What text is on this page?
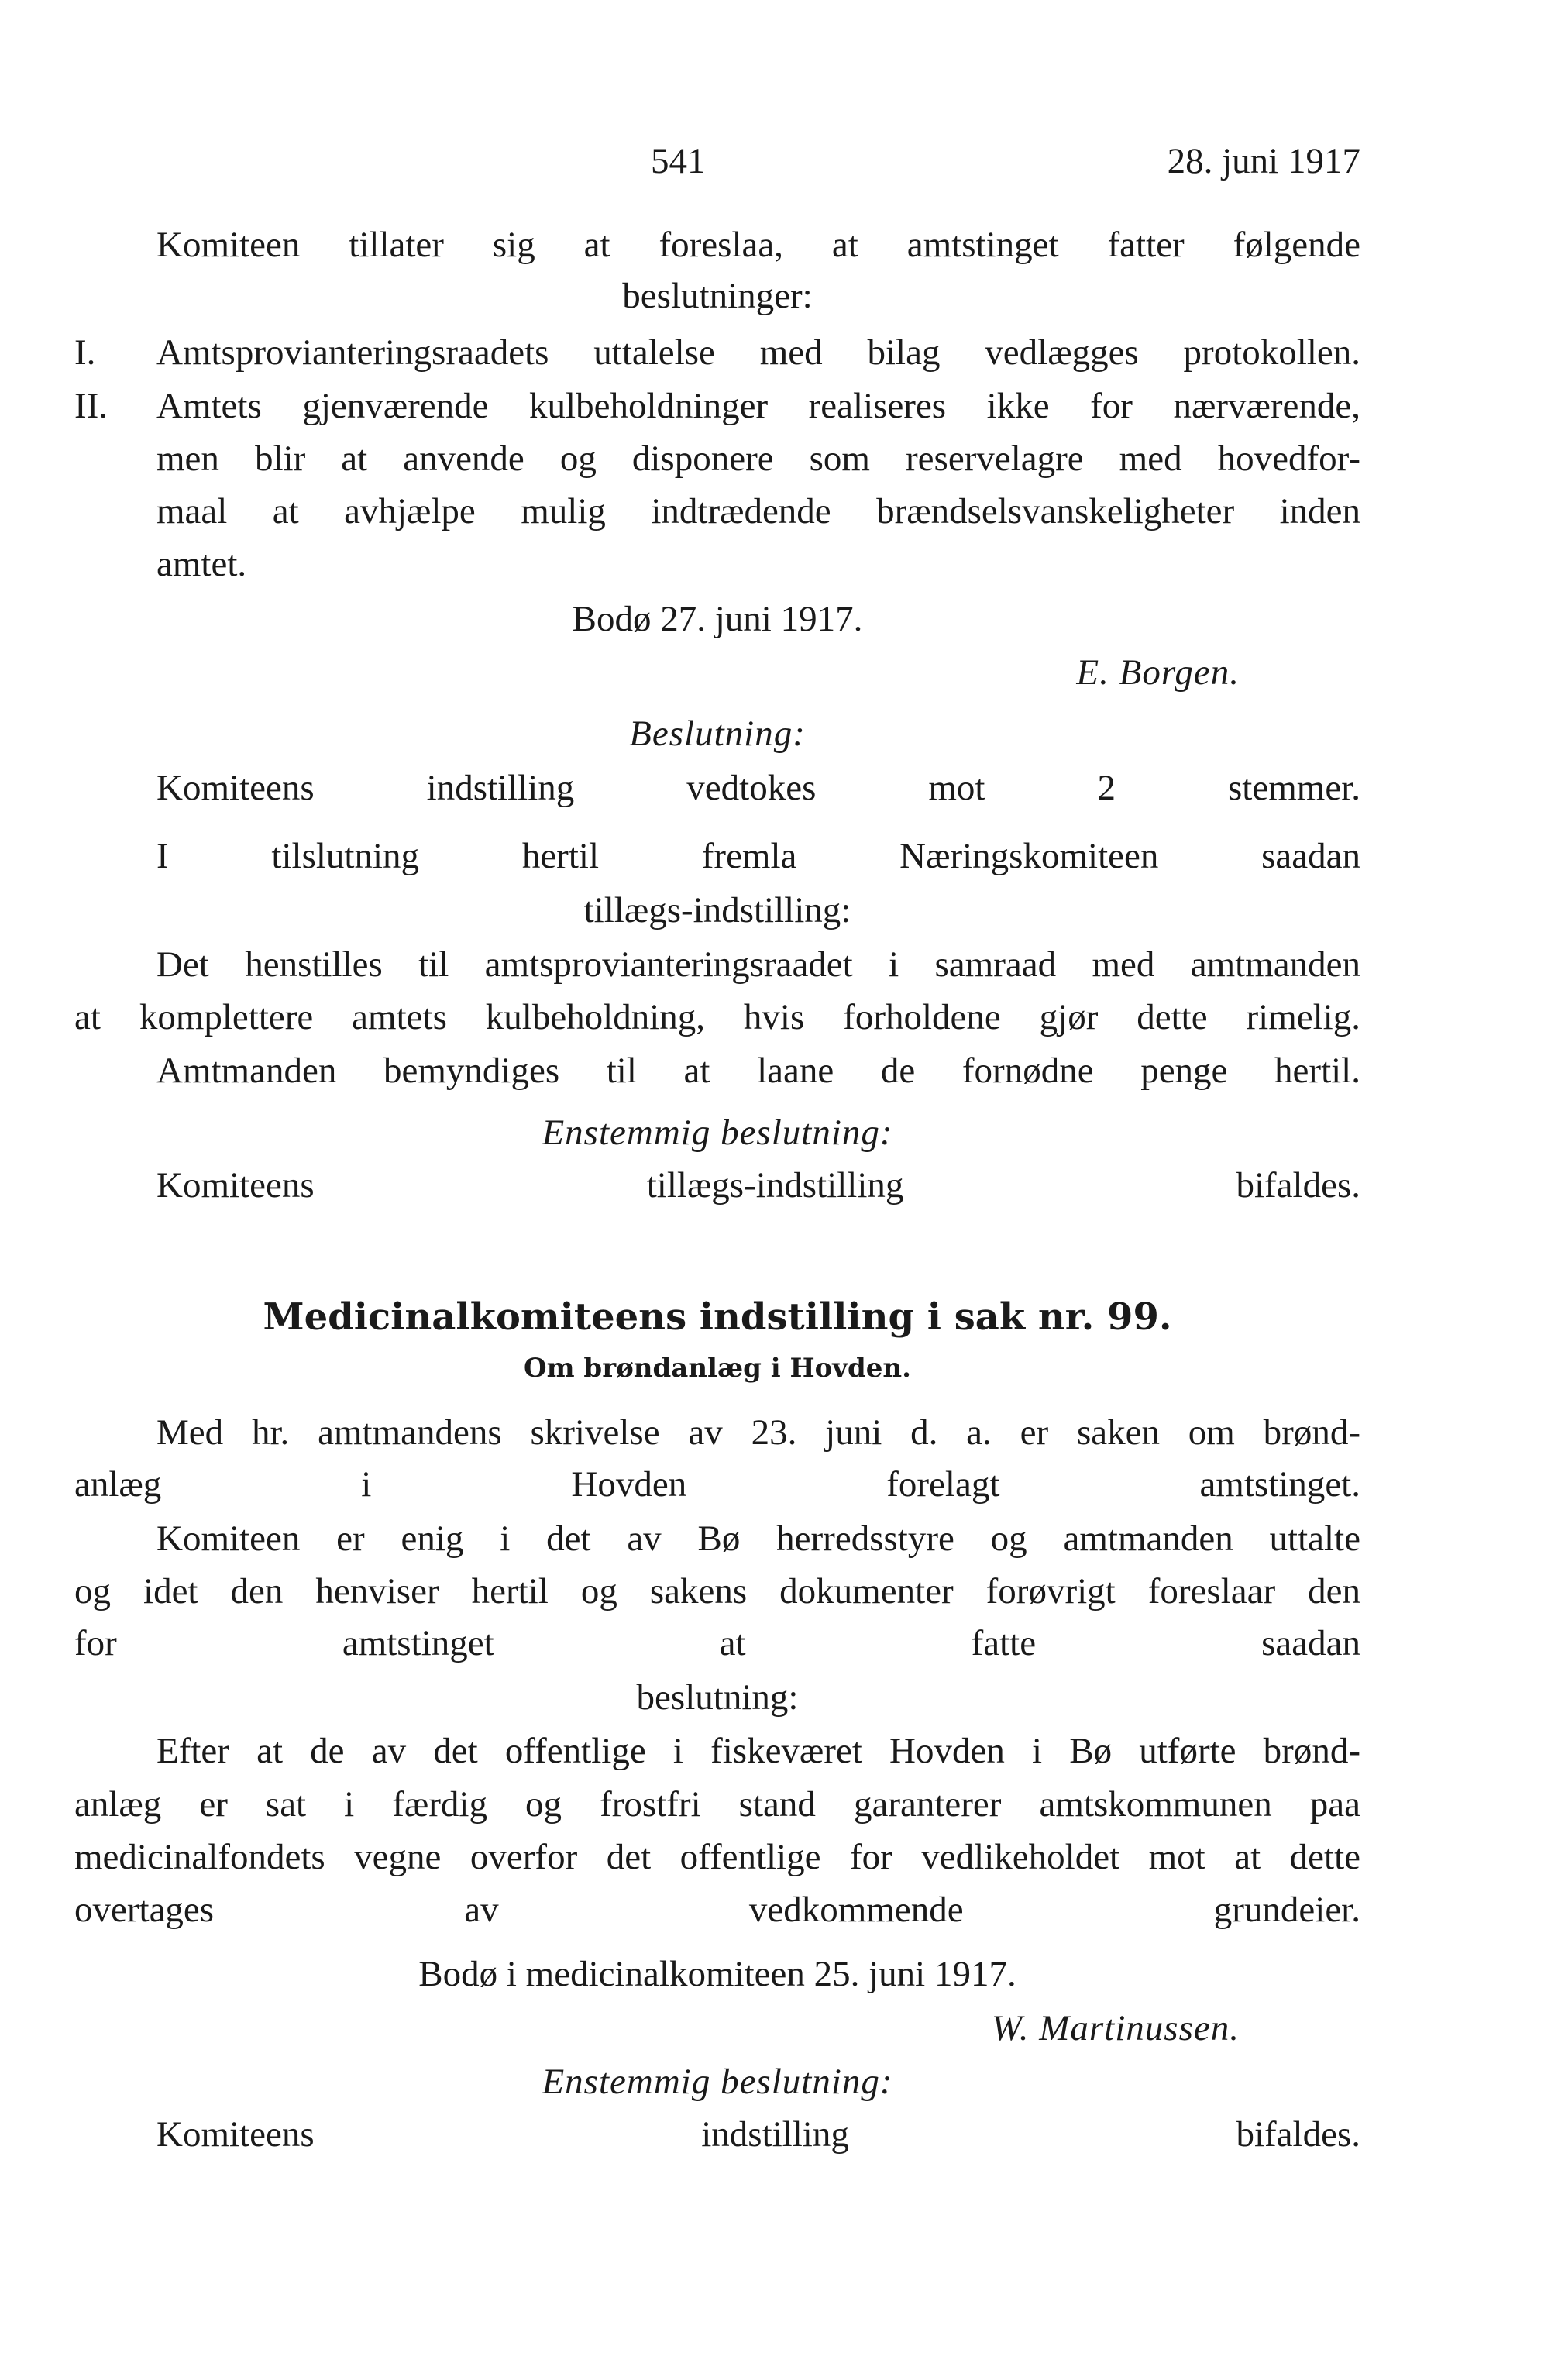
541	28. juni 1917
Komiteen tillater sig at foreslaa, at amtstinget fatter følgende
beslutninger:
I.	Amtsprovianteringsraadets uttalelse med bilag vedlægges protokollen.
II.	Amtets gjenværende kulbeholdninger realiseres ikke for nærværende,
men blir at anvende og disponere som reservelagre med hovedfor-
maal at avhjælpe mulig indtrædende brændselsvanskeligheter inden
amtet.
Bodø 27. juni 1917.
E. Borgen.
Beslutning:
Komiteens indstilling vedtokes mot 2 stemmer.
I tilslutning hertil fremla Næringskomiteen saadan
tillægs-indstilling:
Det henstilles til amtsprovianteringsraadet i samraad med amtmanden
at komplettere amtets kulbeholdning, hvis forholdene gjør dette rimelig.
Amtmanden bemyndiges til at laane de fornødne penge hertil.
Enstemmig beslutning:
Komiteens tillægs-indstilling bifaldes.
Medicinalkomiteens indstilling i sak nr. 99.
Om brøndanlæg i Hovden.
Med hr. amtmandens skrivelse av 23. juni d. a. er saken om brønd-
anlæg i Hovden forelagt amtstinget.
Komiteen er enig i det av Bø herredsstyre og amtmanden uttalte
og idet den henviser hertil og sakens dokumenter forøvrigt foreslaar den
for amtstinget at fatte saadan
beslutning:
Efter at de av det offentlige i fiskeværet Hovden i Bø utførte brønd-
anlæg er sat i færdig og frostfri stand garanterer amtskommunen paa
medicinalfondets vegne overfor det offentlige for vedlikeholdet mot at dette
overtages av vedkommende grundeier.
Bodø i medicinalkomiteen 25. juni 1917.
W. Martinussen.
Enstemmig beslutning:
Komiteens indstilling bifaldes.
